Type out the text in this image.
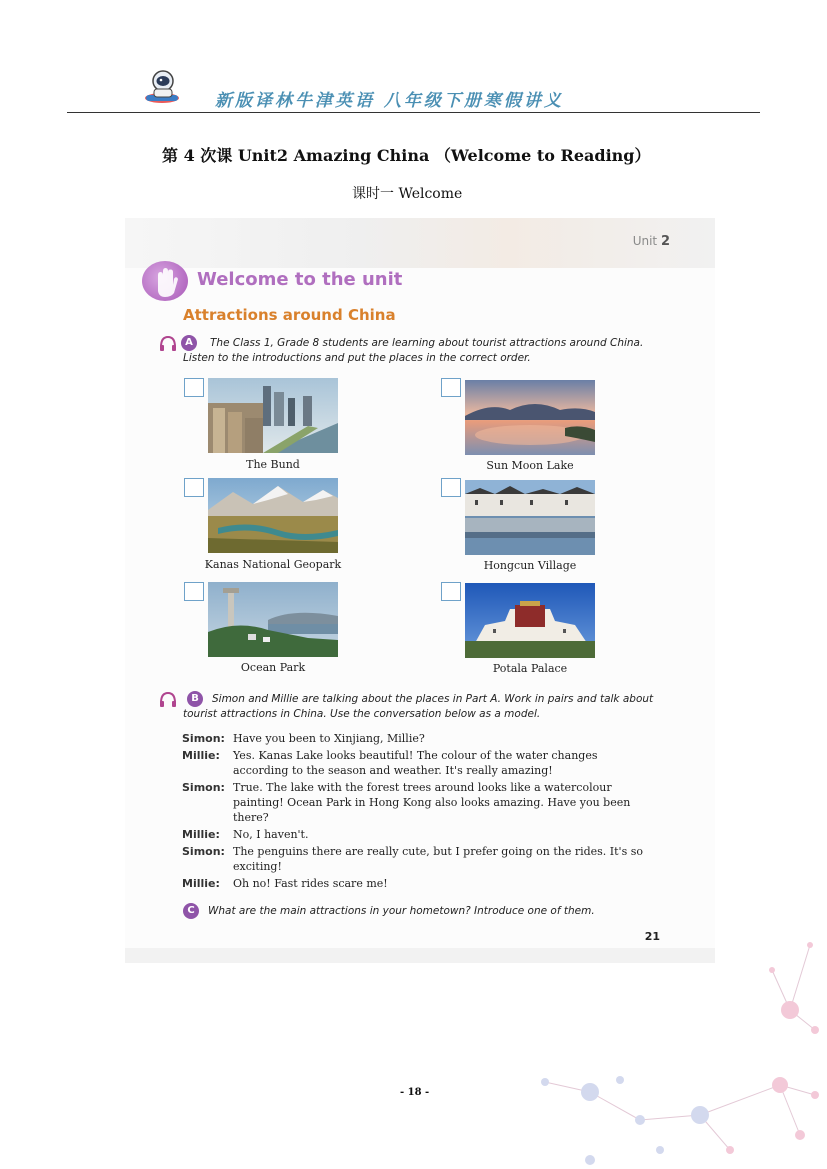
新版译林牛津英语 八年级下册寒假讲义
第 4 次课 Unit2 Amazing China （Welcome to Reading）
课时一 Welcome
Unit 2
Welcome to the unit
Attractions around China
A	The Class 1, Grade 8 students are learning about tourist attractions around China.
Listen to the introductions and put the places in the correct order.
The Bund	Sun Moon Lake
Kanas National Geopark	Hongcun Village
Ocean Park	Potala Palace
B	Simon and Millie are talking about the places in Part A. Work in pairs and talk about
tourist attractions in China. Use the conversation below as a model.
Simon: Have you been to Xinjiang, Millie?
Millie: Yes. Kanas Lake looks beautiful! The colour of the water changes
according to the season and weather. It's really amazing!
Simon: True. The lake with the forest trees around looks like a watercolour
painting! Ocean Park in Hong Kong also looks amazing. Have you been
there?
Millie: No, I haven't.
Simon: The penguins there are really cute, but I prefer going on the rides. It's so
exciting!
Millie: Oh no! Fast rides scare me!
C	What are the main attractions in your hometown? Introduce one of them.
21
- 18 -
